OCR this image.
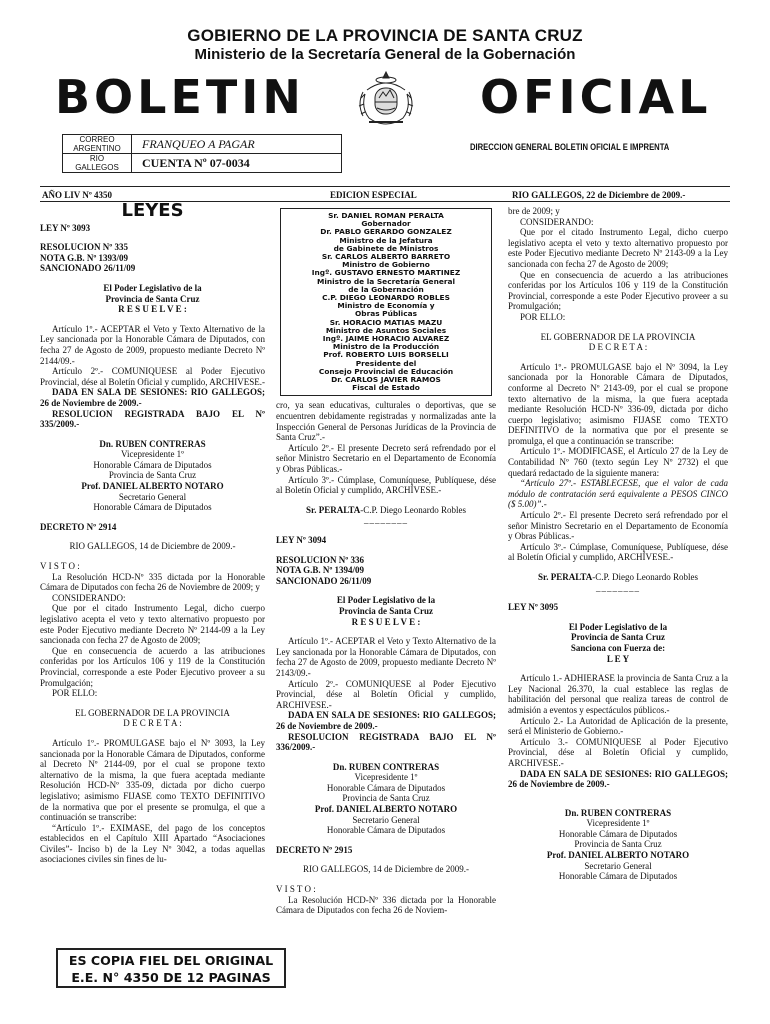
GOBIERNO DE LA PROVINCIA DE SANTA CRUZ
Ministerio de la Secretaría General de la Gobernación
BOLETIN	OFICIAL
CORREO ARGENTINO	FRANQUEO A PAGAR
RIO GALLEGOS	CUENTA Nº 07-0034
DIRECCION GENERAL BOLETIN OFICIAL E IMPRENTA
AÑO LIV Nº 4350	EDICION ESPECIAL	RIO GALLEGOS, 22 de Diciembre de 2009.-

LEYES

LEY Nº 3093

RESOLUCION Nº 335

NOTA G.B. Nº 1393/09

SANCIONADO 26/11/09

El Poder Legislativo de la

Provincia de Santa Cruz

R E S U E L V E :

Artículo 1º.- ACEPTAR el Veto y Texto Alternativo de la Ley sancionada por la Honorable Cámara de Diputados, con fecha 27 de Agosto de 2009, propuesto mediante Decreto Nº 2144/09.-

Artículo 2º.- COMUNIQUESE al Poder Ejecutivo Provincial, dése al Boletín Oficial y cumplido, ARCHIVESE.-

DADA EN SALA DE SESIONES: RIO GALLEGOS; 26 de Noviembre de 2009.-

RESOLUCION REGISTRADA BAJO EL Nº 335/2009.-

Dn. RUBEN CONTRERAS

Vicepresidente 1º

Honorable Cámara de Diputados

Provincia de Santa Cruz

Prof. DANIEL ALBERTO NOTARO

Secretario General

Honorable Cámara de Diputados

DECRETO Nº 2914

RIO GALLEGOS, 14 de Diciembre de 2009.-

V I S T O :

La Resolución HCD-Nº 335 dictada por la Honorable Cámara de Diputados con fecha 26 de Noviembre de 2009; y

CONSIDERANDO:

Que por el citado Instrumento Legal, dicho cuerpo legislativo acepta el veto y texto alternativo propuesto por este Poder Ejecutivo mediante Decreto Nº 2144-09 a la Ley sancionada con fecha 27 de Agosto de 2009;

Que en consecuencia de acuerdo a las atribuciones conferidas por los Artículos 106 y 119 de la Constitución Provincial, corresponde a este Poder Ejecutivo proveer a su Promulgación;

POR ELLO:

EL GOBERNADOR DE LA PROVINCIA

D E C R E T A :

Artículo 1º.- PROMULGASE bajo el Nº 3093, la Ley sancionada por la Honorable Cámara de Diputados, conforme al Decreto Nº 2144-09, por el cual se propone texto alternativo de la misma, la que fuera aceptada mediante Resolución HCD-Nº 335-09, dictada por dicho cuerpo legislativo; asimismo FIJASE como TEXTO DEFINITIVO de la normativa que por el presente se promulga, el que a continuación se transcribe:

“Artículo 1º.- EXIMASE, del pago de los conceptos establecidos en el Capítulo XIII Apartado “Asociaciones Civiles”- Inciso b) de la Ley Nº 3042, a todas aquellas asociaciones civiles sin fines de lu-

Sr. DANIEL ROMAN PERALTA

Gobernador

Dr. PABLO GERARDO GONZALEZ

Ministro de la Jefatura

de Gabinete de Ministros

Sr. CARLOS ALBERTO BARRETO

Ministro de Gobierno

Ingº. GUSTAVO ERNESTO MARTINEZ

Ministro de la Secretaría General

de la Gobernación

C.P. DIEGO LEONARDO ROBLES

Ministro de Economía y

Obras Públicas

Sr. HORACIO MATIAS MAZU

Ministro de Asuntos Sociales

Ingº. JAIME HORACIO ALVAREZ

Ministro de la Producción

Prof. ROBERTO LUIS BORSELLI

Presidente del

Consejo Provincial de Educación

Dr. CARLOS JAVIER RAMOS

Fiscal de Estado

cro, ya sean educativas, culturales o deportivas, que se encuentren debidamente registradas y normalizadas ante la Inspección General de Personas Jurídicas de la Provincia de Santa Cruz”.-

Artículo 2º.- El presente Decreto será refrendado por el señor Ministro Secretario en el Departamento de Economía y Obras Públicas.-

Artículo 3º.- Cúmplase, Comuníquese, Publíquese, dése al Boletín Oficial y cumplido, ARCHÍVESE.-

Sr. PERALTA-C.P. Diego Leonardo Robles

________

LEY Nº 3094

RESOLUCION Nº 336

NOTA G.B. Nº 1394/09

SANCIONADO 26/11/09

El Poder Legislativo de la

Provincia de Santa Cruz

R E S U E L V E :

Artículo 1º.- ACEPTAR el Veto y Texto Alternativo de la Ley sancionada por la Honorable Cámara de Diputados, con fecha 27 de Agosto de 2009, propuesto mediante Decreto Nº 2143/09.-

Artículo 2º.- COMUNIQUESE al Poder Ejecutivo Provincial, dése al Boletín Oficial y cumplido, ARCHIVESE.-

DADA EN SALA DE SESIONES: RIO GALLEGOS; 26 de Noviembre de 2009.-

RESOLUCION REGISTRADA BAJO EL Nº 336/2009.-

Dn. RUBEN CONTRERAS

Vicepresidente 1º

Honorable Cámara de Diputados

Provincia de Santa Cruz

Prof. DANIEL ALBERTO NOTARO

Secretario General

Honorable Cámara de Diputados

DECRETO Nº 2915

RIO GALLEGOS, 14 de Diciembre de 2009.-

V I S T O :

La Resolución HCD-Nº 336 dictada por la Honorable Cámara de Diputados con fecha 26 de Noviem-

bre de 2009; y

CONSIDERANDO:

Que por el citado Instrumento Legal, dicho cuerpo legislativo acepta el veto y texto alternativo propuesto por este Poder Ejecutivo mediante Decreto Nº 2143-09 a la Ley sancionada con fecha 27 de Agosto de 2009;

Que en consecuencia de acuerdo a las atribuciones conferidas por los Artículos 106 y 119 de la Constitución Provincial, corresponde a este Poder Ejecutivo proveer a su Promulgación;

POR ELLO:

EL GOBERNADOR DE LA PROVINCIA

D E C R E T A :

Artículo 1º.- PROMULGASE bajo el Nº 3094, la Ley sancionada por la Honorable Cámara de Diputados, conforme al Decreto Nº 2143-09, por el cual se propone texto alternativo de la misma, la que fuera aceptada mediante Resolución HCD-Nº 336-09, dictada por dicho cuerpo legislativo; asimismo FIJASE como TEXTO DEFINITIVO de la normativa que por el presente se promulga, el que a continuación se transcribe:

Artículo 1º.- MODIFICASE, el Artículo 27 de la Ley de Contabilidad Nº 760 (texto según Ley Nº 2732) el que quedará redactado de la siguiente manera:

“Artículo 27º.- ESTABLECESE, que el valor de cada módulo de contratación será equivalente a PESOS CINCO ($ 5.00)”.-

Artículo 2º.- El presente Decreto será refrendado por el señor Ministro Secretario en el Departamento de Economía y Obras Públicas.-

Artículo 3º.- Cúmplase, Comuníquese, Publíquese, dése al Boletín Oficial y cumplido, ARCHÍVESE.-

Sr. PERALTA-C.P. Diego Leonardo Robles

________

LEY Nº 3095

El Poder Legislativo de la

Provincia de Santa Cruz

Sanciona con Fuerza de:

L E Y

Artículo 1.- ADHIERASE la provincia de Santa Cruz a la Ley Nacional 26.370, la cual establece las reglas de habilitación del personal que realiza tareas de control de admisión a eventos y espectáculos públicos.-

Artículo 2.- La Autoridad de Aplicación de la presente, será el Ministerio de Gobierno.-

Artículo 3.- COMUNIQUESE al Poder Ejecutivo Provincial, dése al Boletín Oficial y cumplido, ARCHIVESE.-

DADA EN SALA DE SESIONES: RIO GALLEGOS; 26 de Noviembre de 2009.-

Dn. RUBEN CONTRERAS

Vicepresidente 1º

Honorable Cámara de Diputados

Provincia de Santa Cruz

Prof. DANIEL ALBERTO NOTARO

Secretario General

Honorable Cámara de Diputados

ES COPIA FIEL DEL ORIGINAL
E.E. N° 4350 DE 12 PAGINAS
